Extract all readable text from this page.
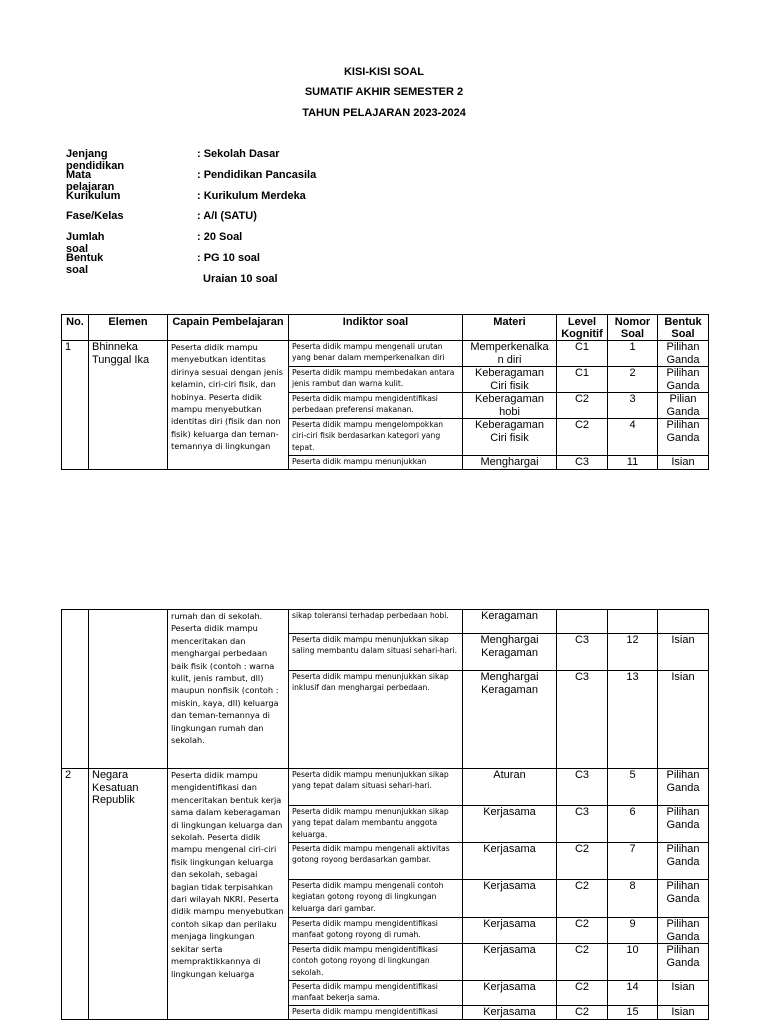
KISI-KISI SOAL
SUMATIF AKHIR SEMESTER 2
TAHUN PELAJARAN 2023-2024
Jenjang pendidikan
: Sekolah Dasar
Mata pelajaran
: Pendidikan Pancasila
Kurikulum	: Kurikulum Merdeka
Fase/Kelas	: A/I (SATU)
Jumlah soal
: 20 Soal
Bentuk soal
: PG 10 soal
Uraian 10 soal
No.	Elemen	Capain Pembelajaran	Indiktor soal	Materi	Level Kognitif	Nomor Soal	Bentuk Soal
1	Bhinneka Tunggal Ika	Peserta didik mampu menyebutkan identitas dirinya sesuai dengan jenis kelamin, ciri-ciri fisik, dan hobinya. Peserta didik mampu menyebutkan identitas diri (fisik dan non fisik) keluarga dan teman-temannya di lingkungan	Peserta didik mampu mengenali urutan yang benar dalam memperkenalkan diri	Memperkenalka n diri	C1	1	Pilihan Ganda
			Peserta didik mampu membedakan antara jenis rambut dan warna kulit.	Keberagaman Ciri fisik	C1	2	Pilihan Ganda
			Peserta didik mampu mengidentifikasi perbedaan preferensi makanan.	Keberagaman hobi	C2	3	Pilian Ganda
			Peserta didik mampu mengelompokkan ciri-ciri fisik berdasarkan kategori yang tepat.	Keberagaman Ciri fisik	C2	4	Pilihan Ganda
			Peserta didik mampu menunjukkan	Menghargai	C3	11	Isian
		rumah dan di sekolah. Peserta didik mampu menceritakan dan menghargai perbedaan baik fisik (contoh : warna kulit, jenis rambut, dll) maupun nonfisik (contoh : miskin, kaya, dll) keluarga dan teman-temannya di lingkungan rumah dan sekolah.	sikap toleransi terhadap perbedaan hobi.	Keragaman			
			Peserta didik mampu menunjukkan sikap saling membantu dalam situasi sehari-hari.	Menghargai Keragaman	C3	12	Isian
			Peserta didik mampu menunjukkan sikap inklusif dan menghargai perbedaan.	Menghargai Keragaman	C3	13	Isian
2	Negara Kesatuan Republik	Peserta didik mampu mengidentifikasi dan menceritakan bentuk kerja sama dalam keberagaman di lingkungan keluarga dan sekolah. Peserta didik mampu mengenal ciri-ciri fisik lingkungan keluarga dan sekolah, sebagai bagian tidak terpisahkan dari wilayah NKRI. Peserta didik mampu menyebutkan contoh sikap dan perilaku menjaga lingkungan sekitar serta mempraktikkannya di lingkungan keluarga	Peserta didik mampu menunjukkan sikap yang tepat dalam situasi sehari-hari.	Aturan	C3	5	Pilihan Ganda
			Peserta didik mampu menunjukkan sikap yang tepat dalam membantu anggota keluarga.	Kerjasama	C3	6	Pilihan Ganda
			Peserta didik mampu mengenali aktivitas gotong royong berdasarkan gambar.	Kerjasama	C2	7	Pilihan Ganda
			Peserta didik mampu mengenali contoh kegiatan gotong royong di lingkungan keluarga dari gambar.	Kerjasama	C2	8	Pilihan Ganda
			Peserta didik mampu mengidentifikasi manfaat gotong royong di rumah.	Kerjasama	C2	9	Pilihan Ganda
			Peserta didik mampu mengidentifikasi contoh gotong royong di lingkungan sekolah.	Kerjasama	C2	10	Pilihan Ganda
			Peserta didik mampu mengidentifikasi manfaat bekerja sama.	Kerjasama	C2	14	Isian
			Peserta didik mampu mengidentifikasi	Kerjasama	C2	15	Isian
